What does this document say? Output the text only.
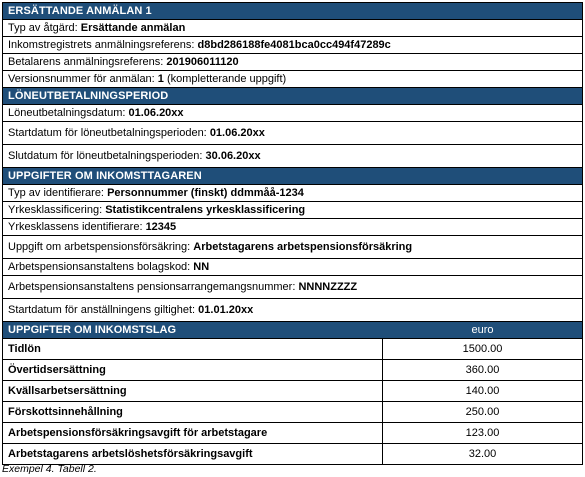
ERSÄTTANDE ANMÄLAN 1
Typ av åtgärd: Ersättande anmälan
Inkomstregistrets anmälningsreferens: d8bd286188fe4081bca0cc494f47289c
Betalarens anmälningsreferens: 201906011120
Versionsnummer för anmälan: 1 (kompletterande uppgift)
LÖNEUTBETALNINGSPERIOD
Löneutbetalningsdatum: 01.06.20xx
Startdatum för löneutbetalningsperioden: 01.06.20xx
Slutdatum för löneutbetalningsperioden: 30.06.20xx
UPPGIFTER OM INKOMSTTAGAREN
Typ av identifierare: Personnummer (finskt) ddmmåå-1234
Yrkesklassificering: Statistikcentralens yrkesklassificering
Yrkesklassens identifierare: 12345
Uppgift om arbetspensionsförsäkring: Arbetstagarens arbetspensionsförsäkring
Arbetspensionsanstaltens bolagskod: NN
Arbetspensionsanstaltens pensionsarrangemangsnummer: NNNNZZZZ
Startdatum för anställningens giltighet: 01.01.20xx
UPPGIFTER OM INKOMSTSLAG	euro
Tidlön	1500.00
Övertidsersättning	360.00
Kvällsarbetsersättning	140.00
Förskottsinnehållning	250.00
Arbetspensionsförsäkringsavgift för arbetstagare	123.00
Arbetstagarens arbetslöshetsförsäkringsavgift	32.00
Exempel 4. Tabell 2.
